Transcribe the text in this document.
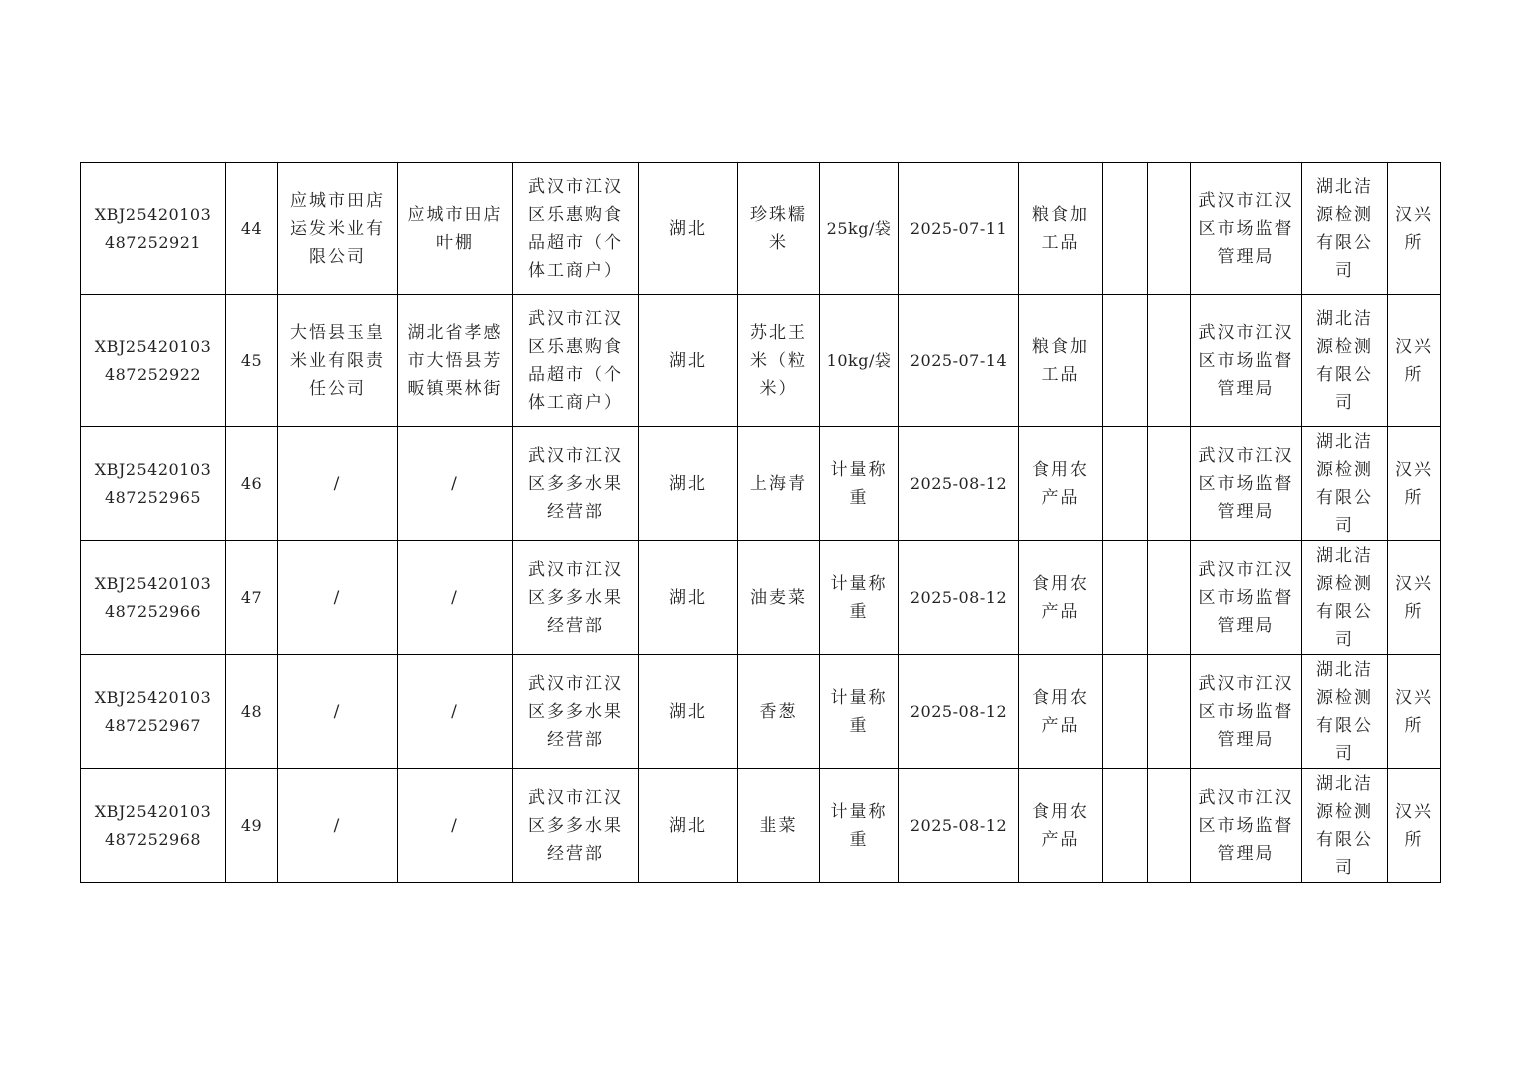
XBJ25420103487252921	44	应城市田店运发米业有限公司	应城市田店叶棚	武汉市江汉区乐惠购食品超市（个体工商户）	湖北	珍珠糯米	25kg/袋	2025-07-11	粮食加工品			武汉市江汉区市场监督管理局	湖北洁源检测有限公司	汉兴所
XBJ25420103487252922	45	大悟县玉皇米业有限责任公司	湖北省孝感市大悟县芳畈镇栗林街	武汉市江汉区乐惠购食品超市（个体工商户）	湖北	苏北王米（粒米）	10kg/袋	2025-07-14	粮食加工品			武汉市江汉区市场监督管理局	湖北洁源检测有限公司	汉兴所
XBJ25420103487252965	46	/	/	武汉市江汉区多多水果经营部	湖北	上海青	计量称重	2025-08-12	食用农产品			武汉市江汉区市场监督管理局	湖北洁源检测有限公司	汉兴所
XBJ25420103487252966	47	/	/	武汉市江汉区多多水果经营部	湖北	油麦菜	计量称重	2025-08-12	食用农产品			武汉市江汉区市场监督管理局	湖北洁源检测有限公司	汉兴所
XBJ25420103487252967	48	/	/	武汉市江汉区多多水果经营部	湖北	香葱	计量称重	2025-08-12	食用农产品			武汉市江汉区市场监督管理局	湖北洁源检测有限公司	汉兴所
XBJ25420103487252968	49	/	/	武汉市江汉区多多水果经营部	湖北	韭菜	计量称重	2025-08-12	食用农产品			武汉市江汉区市场监督管理局	湖北洁源检测有限公司	汉兴所
